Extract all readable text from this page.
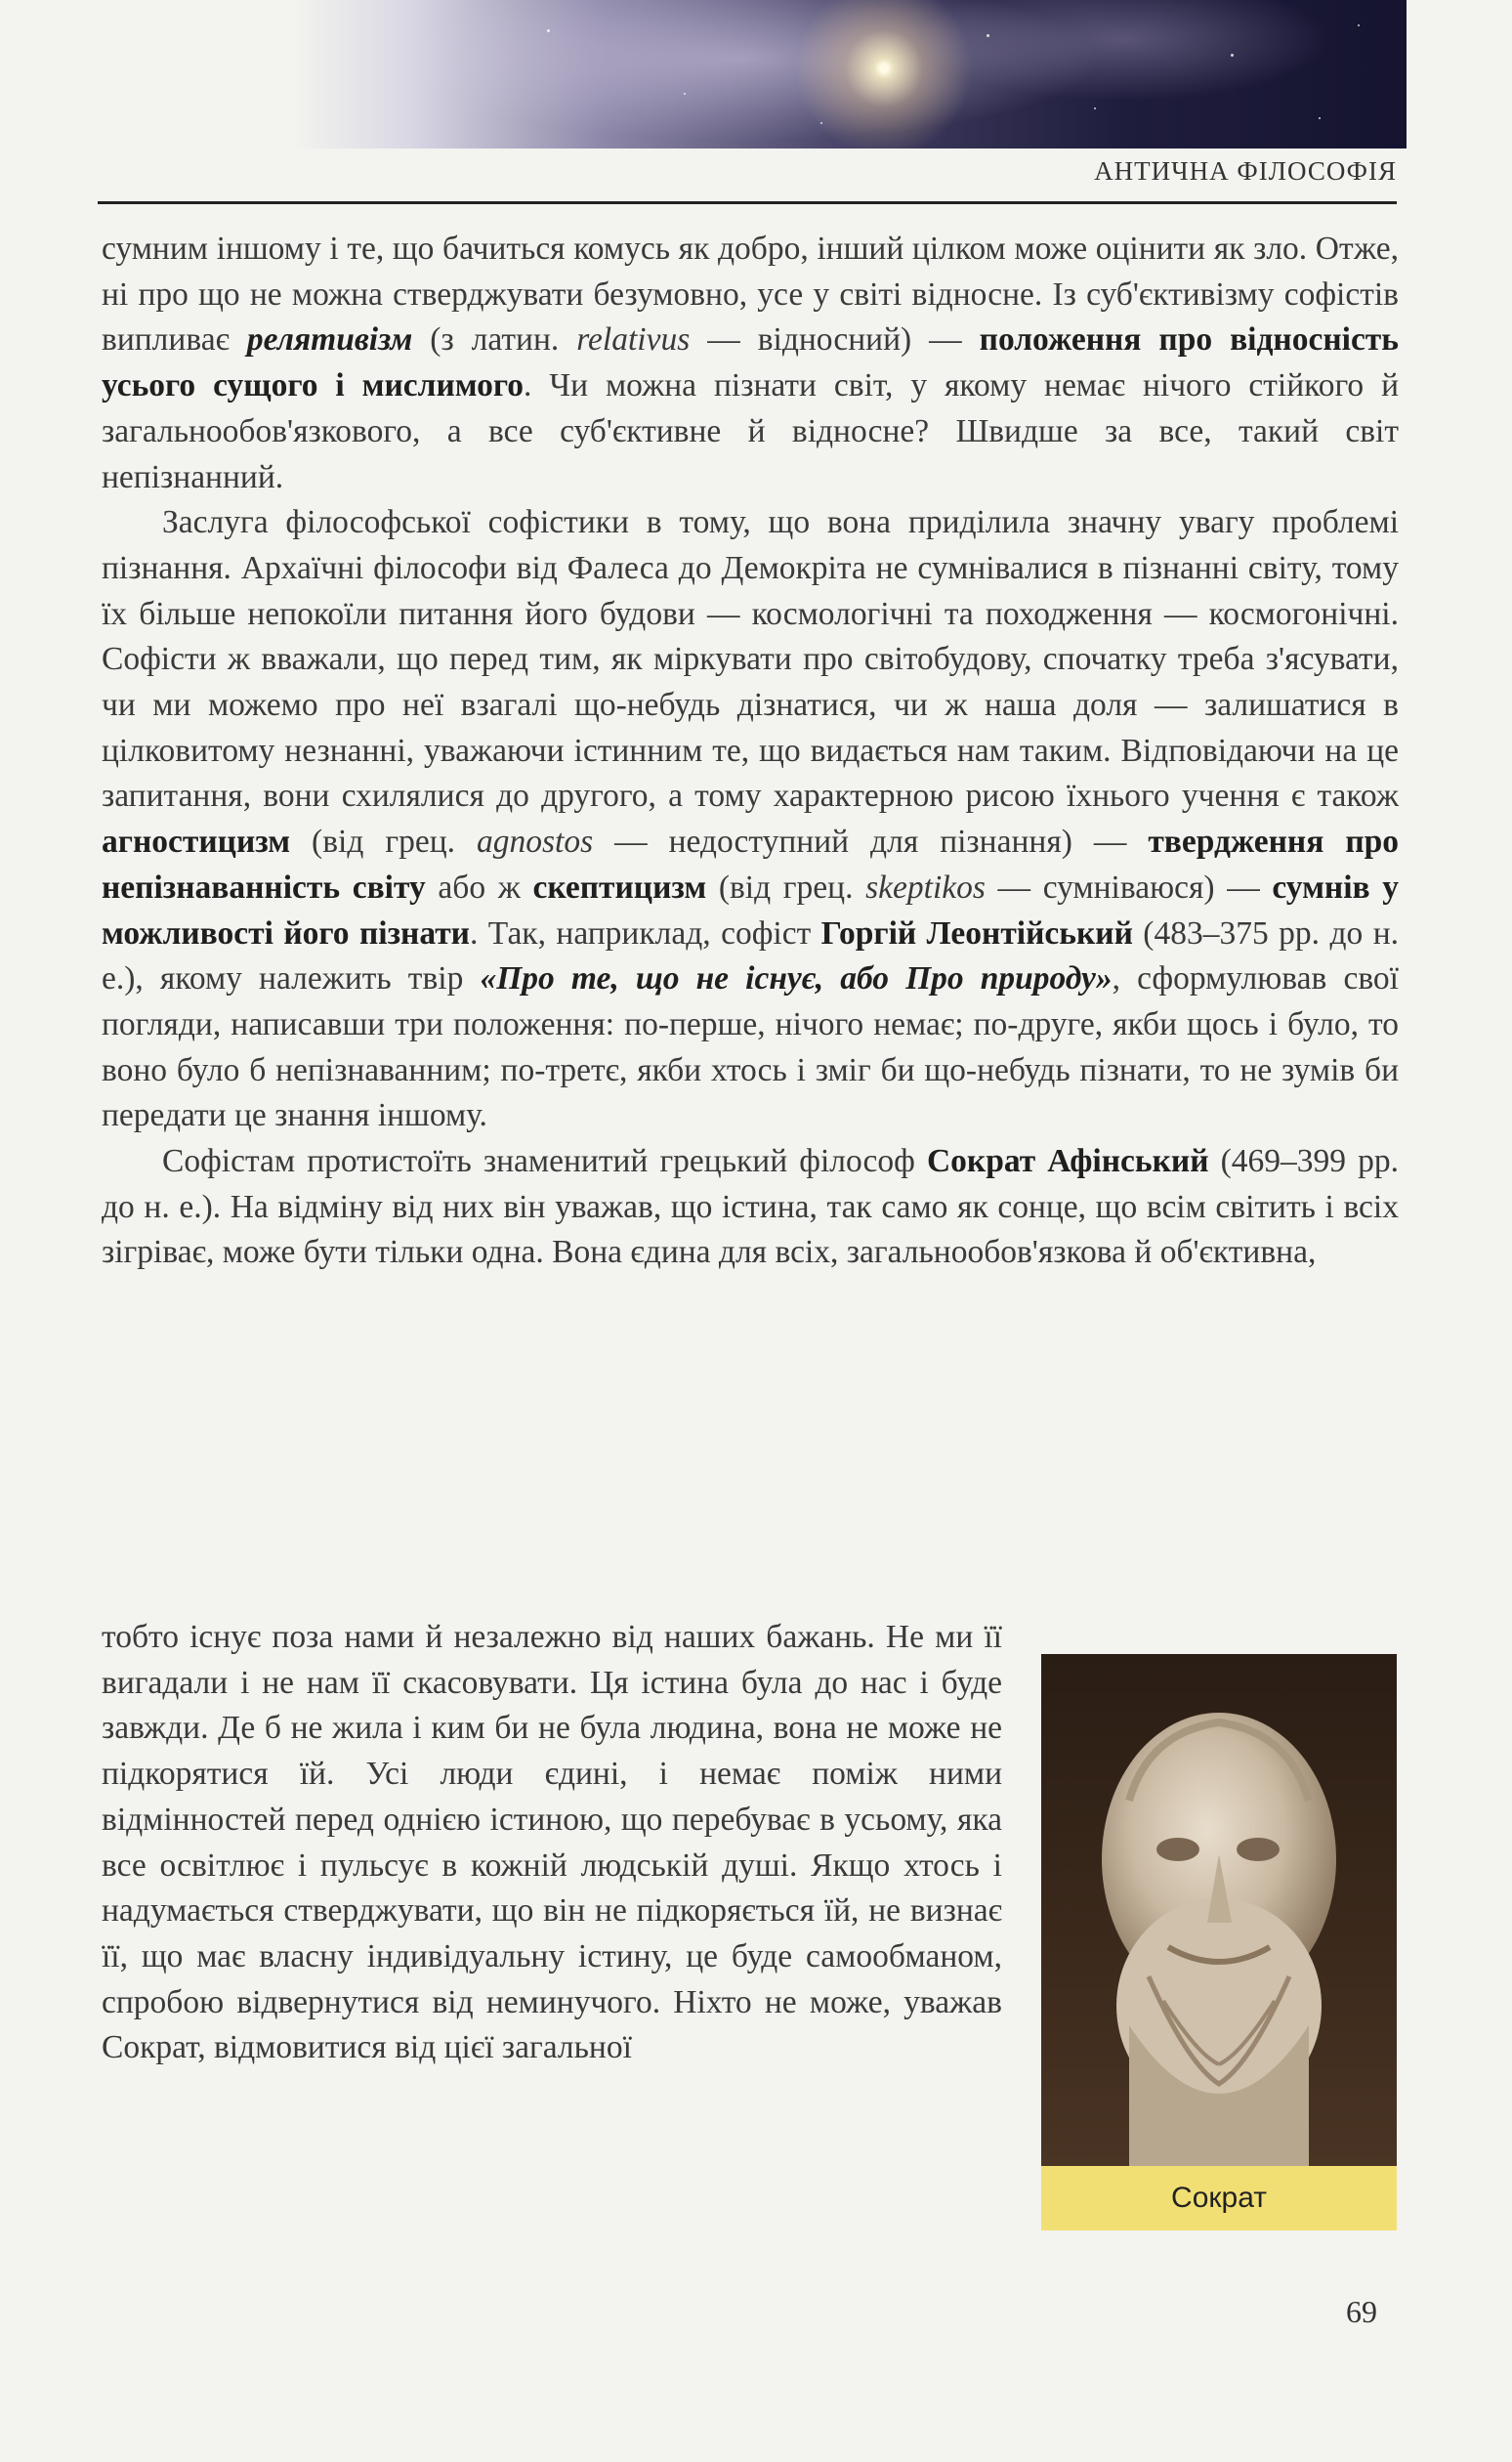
АНТИЧНА ФІЛОСОФІЯ

сумним іншому і те, що бачиться комусь як добро, інший цілком може оцінити як зло. Отже, ні про що не можна стверджувати безумовно, усе у світі відносне. Із суб'єктивізму софістів випливає релятивізм (з латин. relativus — відносний) — положення про відносність усього сущого і мислимого. Чи можна пізнати світ, у якому немає нічого стійкого й загальнообов'язкового, а все суб'єктивне й відносне? Швидше за все, такий світ непізнанний.

Заслуга філософської софістики в тому, що вона приділила значну увагу проблемі пізнання. Архаїчні філософи від Фалеса до Демокріта не сумнівалися в пізнанні світу, тому їх більше непокоїли питання його будови — космологічні та походження — космогонічні. Софісти ж вважали, що перед тим, як міркувати про світобудову, спочатку треба з'ясувати, чи ми можемо про неї взагалі що-небудь дізнатися, чи ж наша доля — залишатися в цілковитому незнанні, уважаючи істинним те, що видається нам таким. Відповідаючи на це запитання, вони схилялися до другого, а тому характерною рисою їхнього учення є також агностицизм (від грец. agnostos — недоступний для пізнання) — твердження про непізнаванність світу або ж скептицизм (від грец. skeptikos — сумніваюся) — сумнів у можливості його пізнати. Так, наприклад, софіст Горгій Леонтійський (483–375 рр. до н. е.), якому належить твір «Про те, що не існує, або Про природу», сформулював свої погляди, написавши три положення: по-перше, нічого немає; по-друге, якби щось і було, то воно було б непізнаванним; по-третє, якби хтось і зміг би що-небудь пізнати, то не зумів би передати це знання іншому.

Софістам протистоїть знаменитий грецький філософ Сократ Афінський (469–399 рр. до н. е.). На відміну від них він уважав, що істина, так само як сонце, що всім світить і всіх зігріває, може бути тільки одна. Вона єдина для всіх, загальнообов'язкова й об'єктивна,

тобто існує поза нами й незалежно від наших бажань. Не ми її вигадали і не нам її скасовувати. Ця істина була до нас і буде завжди. Де б не жила і ким би не була людина, вона не може не підкорятися їй. Усі люди єдині, і немає поміж ними відмінностей перед однією істиною, що перебуває в усьому, яка все освітлює і пульсує в кожній людській душі. Якщо хтось і надумається стверджувати, що він не підкоряється їй, не визнає її, що має власну індивідуальну істину, це буде самообманом, спробою відвернутися від неминучого. Ніхто не може, уважав Сократ, відмовитися від цієї загальної
Сократ
69
